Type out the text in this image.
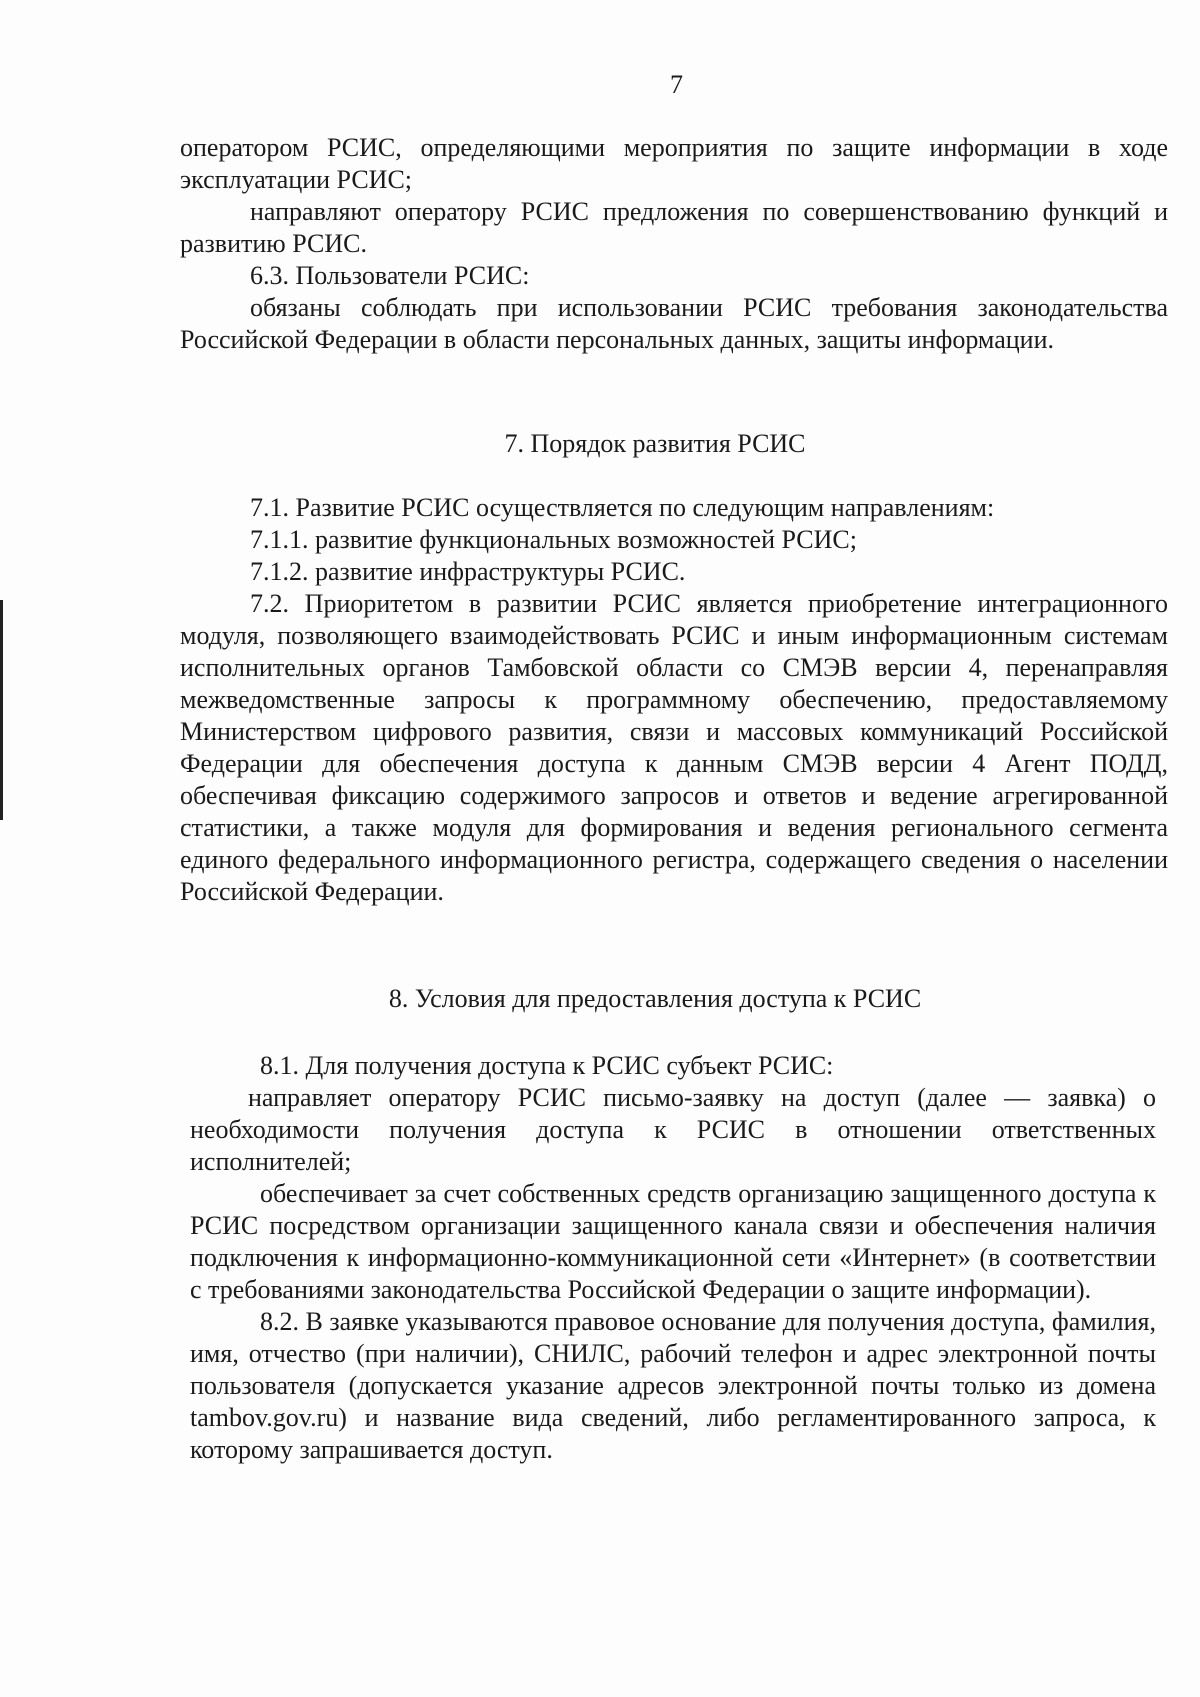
7

оператором РСИС, определяющими мероприятия по защите информации в ходе эксплуатации РСИС;

направляют оператору РСИС предложения по совершенствованию функций и развитию РСИС.

6.3. Пользователи РСИС:

обязаны соблюдать при использовании РСИС требования законодательства Российской Федерации в области персональных данных, защиты информации.

7. Порядок развития РСИС

7.1. Развитие РСИС осуществляется по следующим направлениям:

7.1.1. развитие функциональных возможностей РСИС;

7.1.2. развитие инфраструктуры РСИС.

7.2. Приоритетом в развитии РСИС является приобретение интеграционного модуля, позволяющего взаимодействовать РСИС и иным информационным системам исполнительных органов Тамбовской области со СМЭВ версии 4, перенаправляя межведомственные запросы к программному обеспечению, предоставляемому Министерством цифрового развития, связи и массовых коммуникаций Российской Федерации для обеспечения доступа к данным СМЭВ версии 4 Агент ПОДД, обеспечивая фиксацию содержимого запросов и ответов и ведение агрегированной статистики, а также модуля для формирования и ведения регионального сегмента единого федерального информационного регистра, содержащего сведения о населении Российской Федерации.

8. Условия для предоставления доступа к РСИС

8.1. Для получения доступа к РСИС субъект РСИС:

направляет оператору РСИС письмо-заявку на доступ (далее — заявка) о необходимости получения доступа к РСИС в отношении ответственных исполнителей;

обеспечивает за счет собственных средств организацию защищенного доступа к РСИС посредством организации защищенного канала связи и обеспечения наличия подключения к информационно-коммуникационной сети «Интернет» (в соответствии с требованиями законодательства Российской Федерации о защите информации).

8.2. В заявке указываются правовое основание для получения доступа, фамилия, имя, отчество (при наличии), СНИЛС, рабочий телефон и адрес электронной почты пользователя (допускается указание адресов электронной почты только из домена tambov.gov.ru) и название вида сведений, либо регламентированного запроса, к которому запрашивается доступ.
